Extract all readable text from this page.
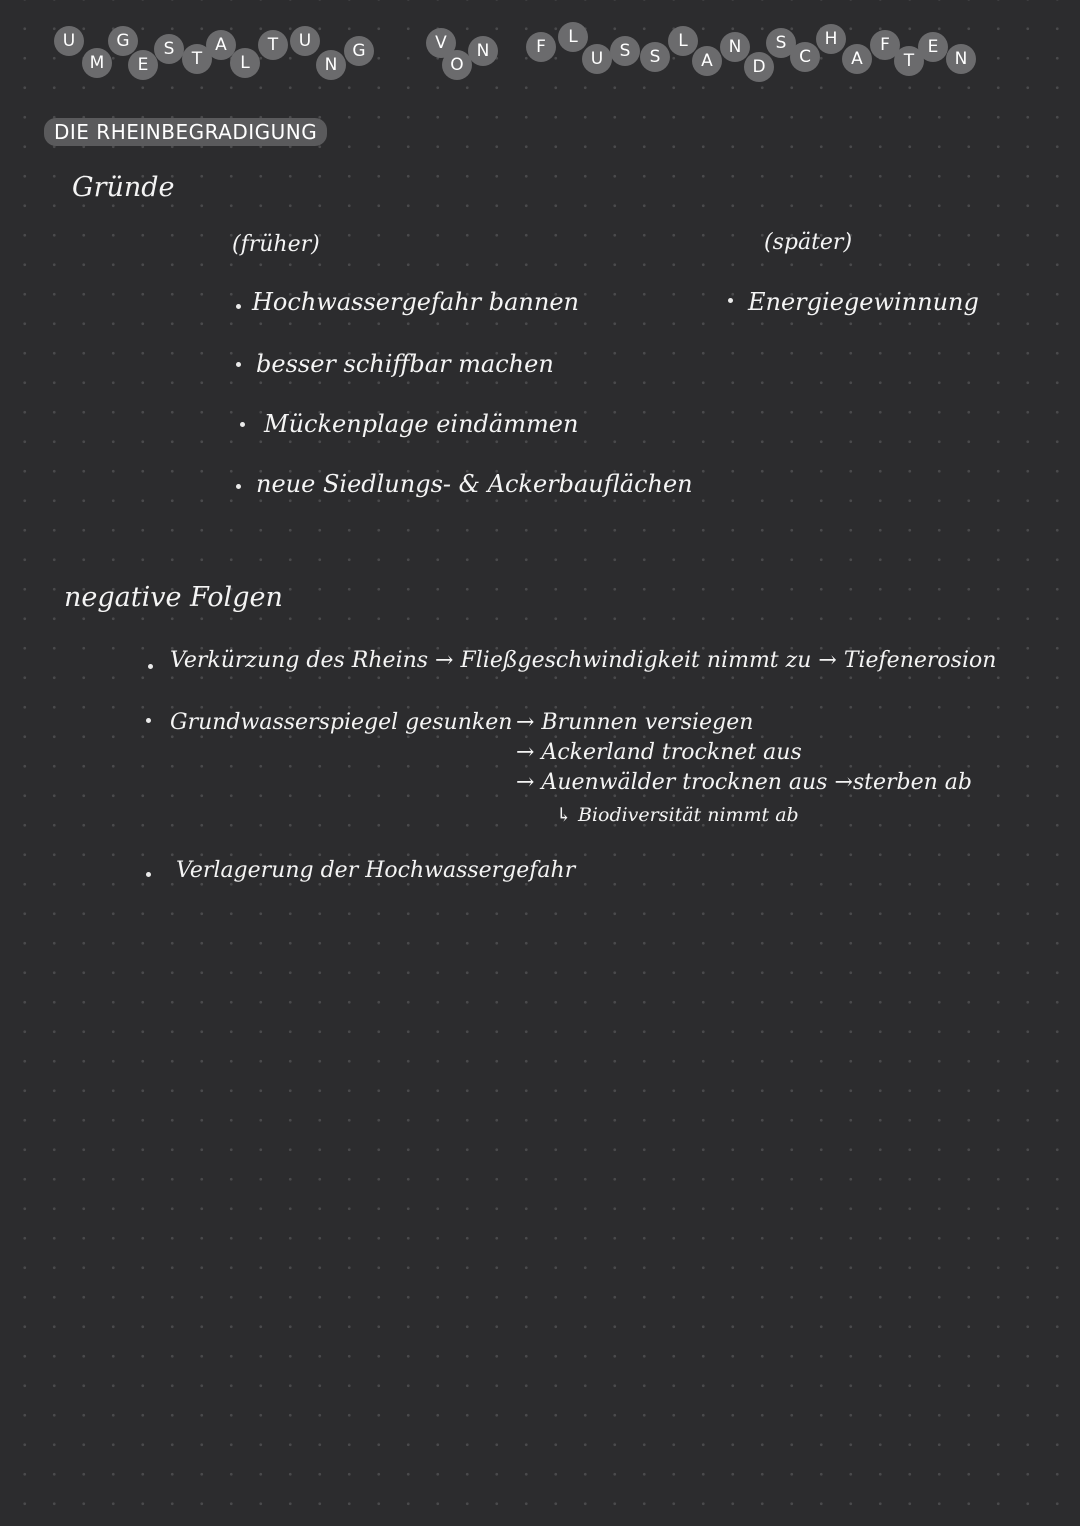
U
M
G
E
S	T
A
L
T	U
N
G	V
O
N	F	L
U S	S
L
A
N
D
S
C
H
A
F
T
E
N
DIE RHEINBEGRADIGUNG
Gründe
(früher)	(später)
Hochwassergefahr bannen
besser schiffbar machen
Mückenplage eindämmen
neue Siedlungs- & Ackerbauflächen
Energiegewinnung
negative Folgen
Verkürzung des Rheins → Fließgeschwindigkeit nimmt zu → Tiefenerosion
Grundwasserspiegel gesunken → Brunnen versiegen
→ Ackerland trocknet aus
→ Auenwälder trocknen aus →sterben ab
↳ Biodiversität nimmt ab
Verlagerung der Hochwassergefahr
